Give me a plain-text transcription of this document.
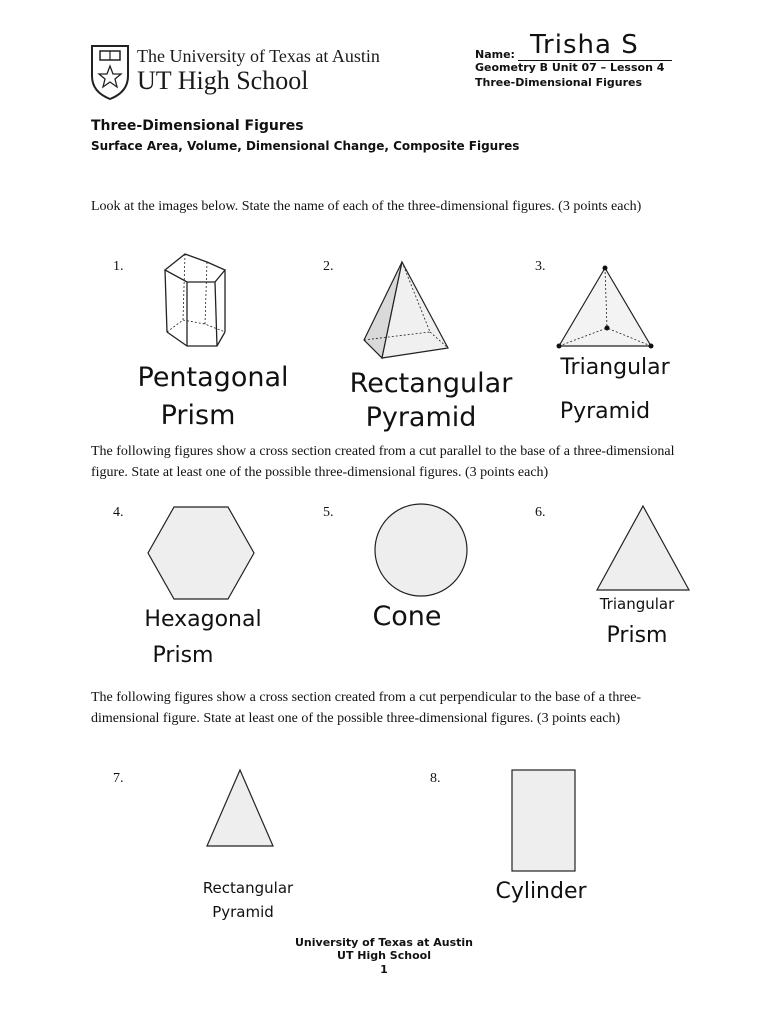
The University of Texas at Austin
UT High School
Name: Trisha S
Geometry B Unit 07 – Lesson 4
Three-Dimensional Figures
Three-Dimensional Figures
Surface Area, Volume, Dimensional Change, Composite Figures
Look at the images below. State the name of each of the three-dimensional figures. (3 points each)
1.
Pentagonal
Prism
2.
Rectangular
Pyramid
3.
Triangular
Pyramid
The following figures show a cross section created from a cut parallel to the base of a three-dimensional figure. State at least one of the possible three-dimensional figures. (3 points each)
4.
Hexagonal
Prism
5.
Cone
6.
Triangular
Prism
The following figures show a cross section created from a cut perpendicular to the base of a three-dimensional figure. State at least one of the possible three-dimensional figures. (3 points each)
7.
Rectangular
Pyramid
8.
Cylinder
University of Texas at Austin
UT High School
1
